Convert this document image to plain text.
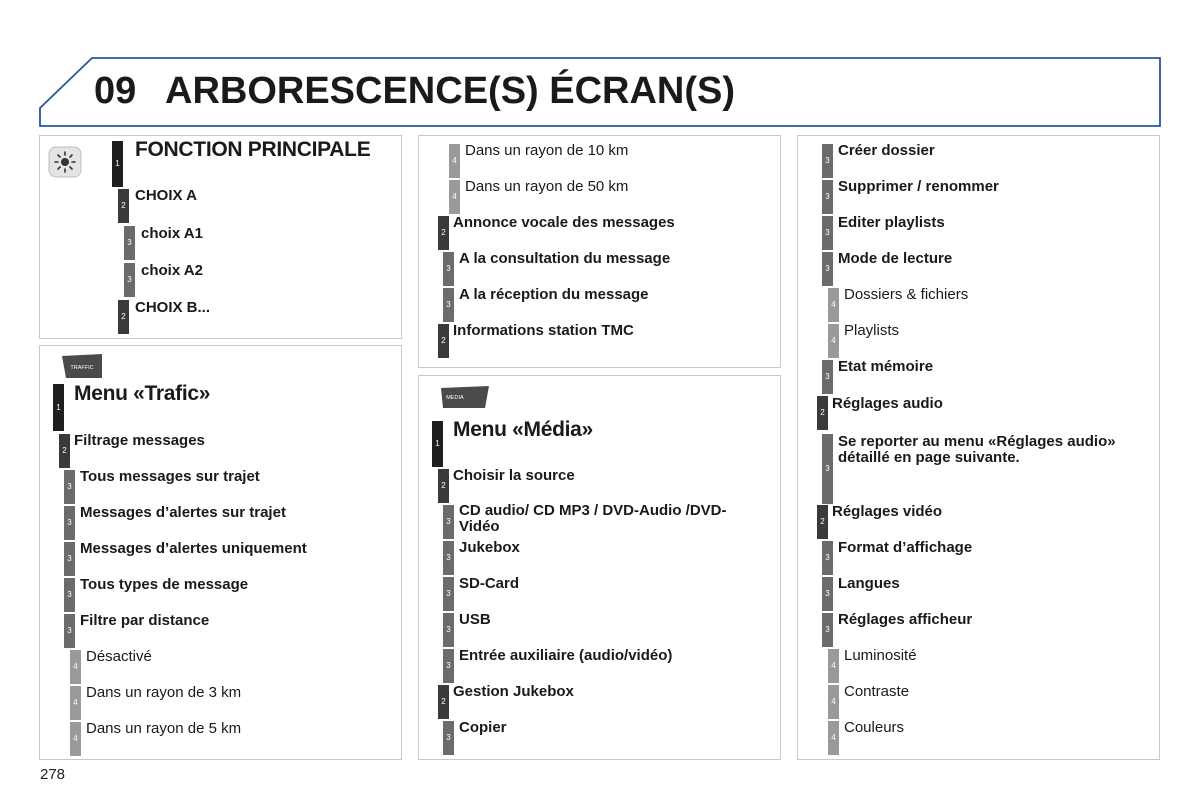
09 ARBORESCENCE(S) ÉCRAN(S)
1
FONCTION PRINCIPALE
2
CHOIX A
3
choix A1
3
choix A2
2
CHOIX B...
TRAFFIC
1
Menu «Trafic»
2
Filtrage messages
3
Tous messages sur trajet
3
Messages d’alertes sur trajet
3
Messages d’alertes uniquement
3
Tous types de message
3
Filtre par distance
4
Désactivé
4
Dans un rayon de 3 km
4
Dans un rayon de 5 km
4
Dans un rayon de 10 km
4
Dans un rayon de 50 km
2
Annonce vocale des messages
3
A la consultation du message
3
A la réception du message
2
Informations station TMC
MEDIA
1
Menu «Média»
2
Choisir la source
3
CD audio/ CD MP3 / DVD-Audio /DVD-Vidéo
3
Jukebox
3
SD-Card
3
USB
3
Entrée auxiliaire (audio/vidéo)
2
Gestion Jukebox
3
Copier
3
Créer dossier
3
Supprimer / renommer
3
Editer playlists
3
Mode de lecture
4
Dossiers & fichiers
4
Playlists
3
Etat mémoire
2
Réglages audio
3
Se reporter au menu «Réglages audio» détaillé en page suivante.
2
Réglages vidéo
3
Format d’affichage
3
Langues
3
Réglages afficheur
4
Luminosité
4
Contraste
4
Couleurs
278
